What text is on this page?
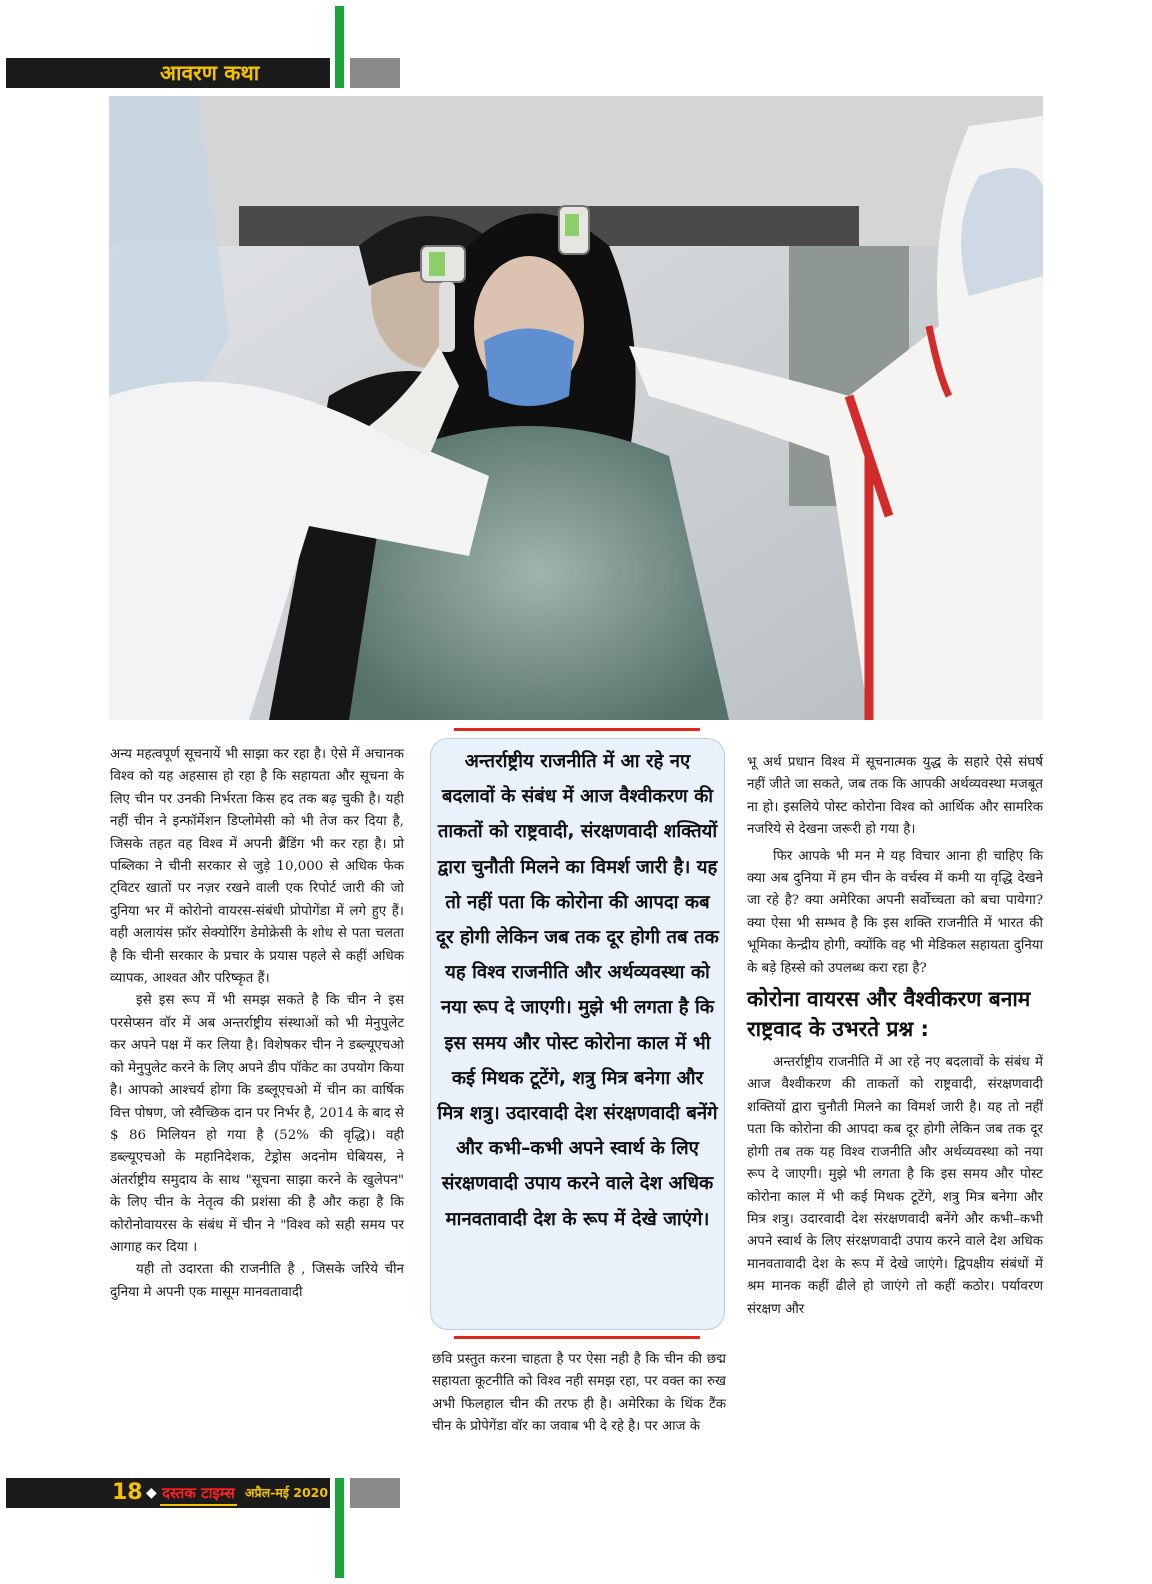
आवरण कथा

अन्य महत्वपूर्ण सूचनायें भी साझा कर रहा है। ऐसे में अचानक विश्व को यह अहसास हो रहा है कि सहायता और सूचना के लिए चीन पर उनकी निर्भरता किस हद तक बढ़ चुकी है। यही नहीं चीन ने इन्फॉर्मेशन डिप्लोमेसी को भी तेज कर दिया है, जिसके तहत वह विश्व में अपनी ब्रैंडिंग भी कर रहा है। प्रो पब्लिका ने चीनी सरकार से जुड़े 10,000 से अधिक फेक ट्विटर खातों पर नज़र रखने वाली एक रिपोर्ट जारी की जो दुनिया भर में कोरोनो वायरस-संबंधी प्रोपोगेंडा में लगे हुए हैं। वही अलायंस फ़ॉर सेक्योरिंग डेमोक्रेसी के शोध से पता चलता है कि चीनी सरकार के प्रचार के प्रयास पहले से कहीं अधिक व्यापक, आश्वत और परिष्कृत हैं।

इसे इस रूप में भी समझ सकते है कि चीन ने इस परसेप्सन वॉर में अब अन्तर्राष्ट्रीय संस्थाओं को भी मेनुपुलेट कर अपने पक्ष में कर लिया है। विशेषकर चीन ने डब्ल्यूएचओ को मेनुपुलेट करने के लिए अपने डीप पॉकेट का उपयोग किया है। आपको आश्चर्य होगा कि डब्लूएचओ में चीन का वार्षिक वित्त पोषण, जो स्वैच्छिक दान पर निर्भर है, 2014 के बाद से $ 86 मिलियन हो गया है (52% की वृद्धि)। वही डब्ल्यूएचओ के महानिदेशक, टेड्रोस अदनोम घेबियस, ने अंतर्राष्ट्रीय समुदाय के साथ "सूचना साझा करने के खुलेपन" के लिए चीन के नेतृत्व की प्रशंसा की है और कहा है कि कोरोनोवायरस के संबंध में चीन ने "विश्व को सही समय पर आगाह कर दिया ।

यही तो उदारता की राजनीति है , जिसके जरिये चीन दुनिया मे अपनी एक मासूम मानवतावादी

अन्तर्राष्ट्रीय राजनीति में आ रहे नए बदलावों के संबंध में आज वैश्वीकरण की ताकतों को राष्ट्रवादी, संरक्षणवादी शक्तियों द्वारा चुनौती मिलने का विमर्श जारी है। यह तो नहीं पता कि कोरोना की आपदा कब दूर होगी लेकिन जब तक दूर होगी तब तक यह विश्व राजनीति और अर्थव्यवस्था को नया रूप दे जाएगी। मुझे भी लगता है कि इस समय और पोस्ट कोरोना काल में भी कई मिथक टूटेंगे, शत्रु मित्र बनेगा और मित्र शत्रु। उदारवादी देश संरक्षणवादी बनेंगे और कभी–कभी अपने स्वार्थ के लिए संरक्षणवादी उपाय करने वाले देश अधिक मानवतावादी देश के रूप में देखे जाएंगे।

छवि प्रस्तुत करना चाहता है पर ऐसा नही है कि चीन की छद्म सहायता कूटनीति को विश्व नही समझ रहा, पर वक्त का रुख अभी फिलहाल चीन की तरफ ही है। अमेरिका के थिंक टैंक चीन के प्रोपेगेंडा वॉर का जवाब भी दे रहे है। पर आज के

भू अर्थ प्रधान विश्व में सूचनात्मक युद्ध के सहारे ऐसे संघर्ष नहीं जीते जा सकते, जब तक कि आपकी अर्थव्यवस्था मजबूत ना हो। इसलिये पोस्ट कोरोना विश्व को आर्थिक और सामरिक नजरिये से देखना जरूरी हो गया है।

फिर आपके भी मन मे यह विचार आना ही चाहिए कि क्या अब दुनिया में हम चीन के वर्चस्व में कमी या वृद्धि देखने जा रहे है? क्या अमेरिका अपनी सर्वोच्चता को बचा पायेगा? क्या ऐसा भी सम्भव है कि इस शक्ति राजनीति में भारत की भूमिका केन्द्रीय होगी, क्योंकि वह भी मेडिकल सहायता दुनिया के बड़े हिस्से को उपलब्ध करा रहा है?

कोरोना वायरस और वैश्वीकरण बनाम राष्ट्रवाद के उभरते प्रश्न :

अन्तर्राष्ट्रीय राजनीति में आ रहे नए बदलावों के संबंध में आज वैश्वीकरण की ताकतों को राष्ट्रवादी, संरक्षणवादी शक्तियों द्वारा चुनौती मिलने का विमर्श जारी है। यह तो नहीं पता कि कोरोना की आपदा कब दूर होगी लेकिन जब तक दूर होगी तब तक यह विश्व राजनीति और अर्थव्यवस्था को नया रूप दे जाएगी। मुझे भी लगता है कि इस समय और पोस्ट कोरोना काल में भी कई मिथक टूटेंगे, शत्रु मित्र बनेगा और मित्र शत्रु। उदारवादी देश संरक्षणवादी बनेंगे और कभी–कभी अपने स्वार्थ के लिए संरक्षणवादी उपाय करने वाले देश अधिक मानवतावादी देश के रूप में देखे जाएंगे। द्विपक्षीय संबंधों में श्रम मानक कहीं ढीले हो जाएंगे तो कहीं कठोर। पर्यावरण संरक्षण और

18 ◆ दस्तक टाइम्स अप्रैल-मई 2020
